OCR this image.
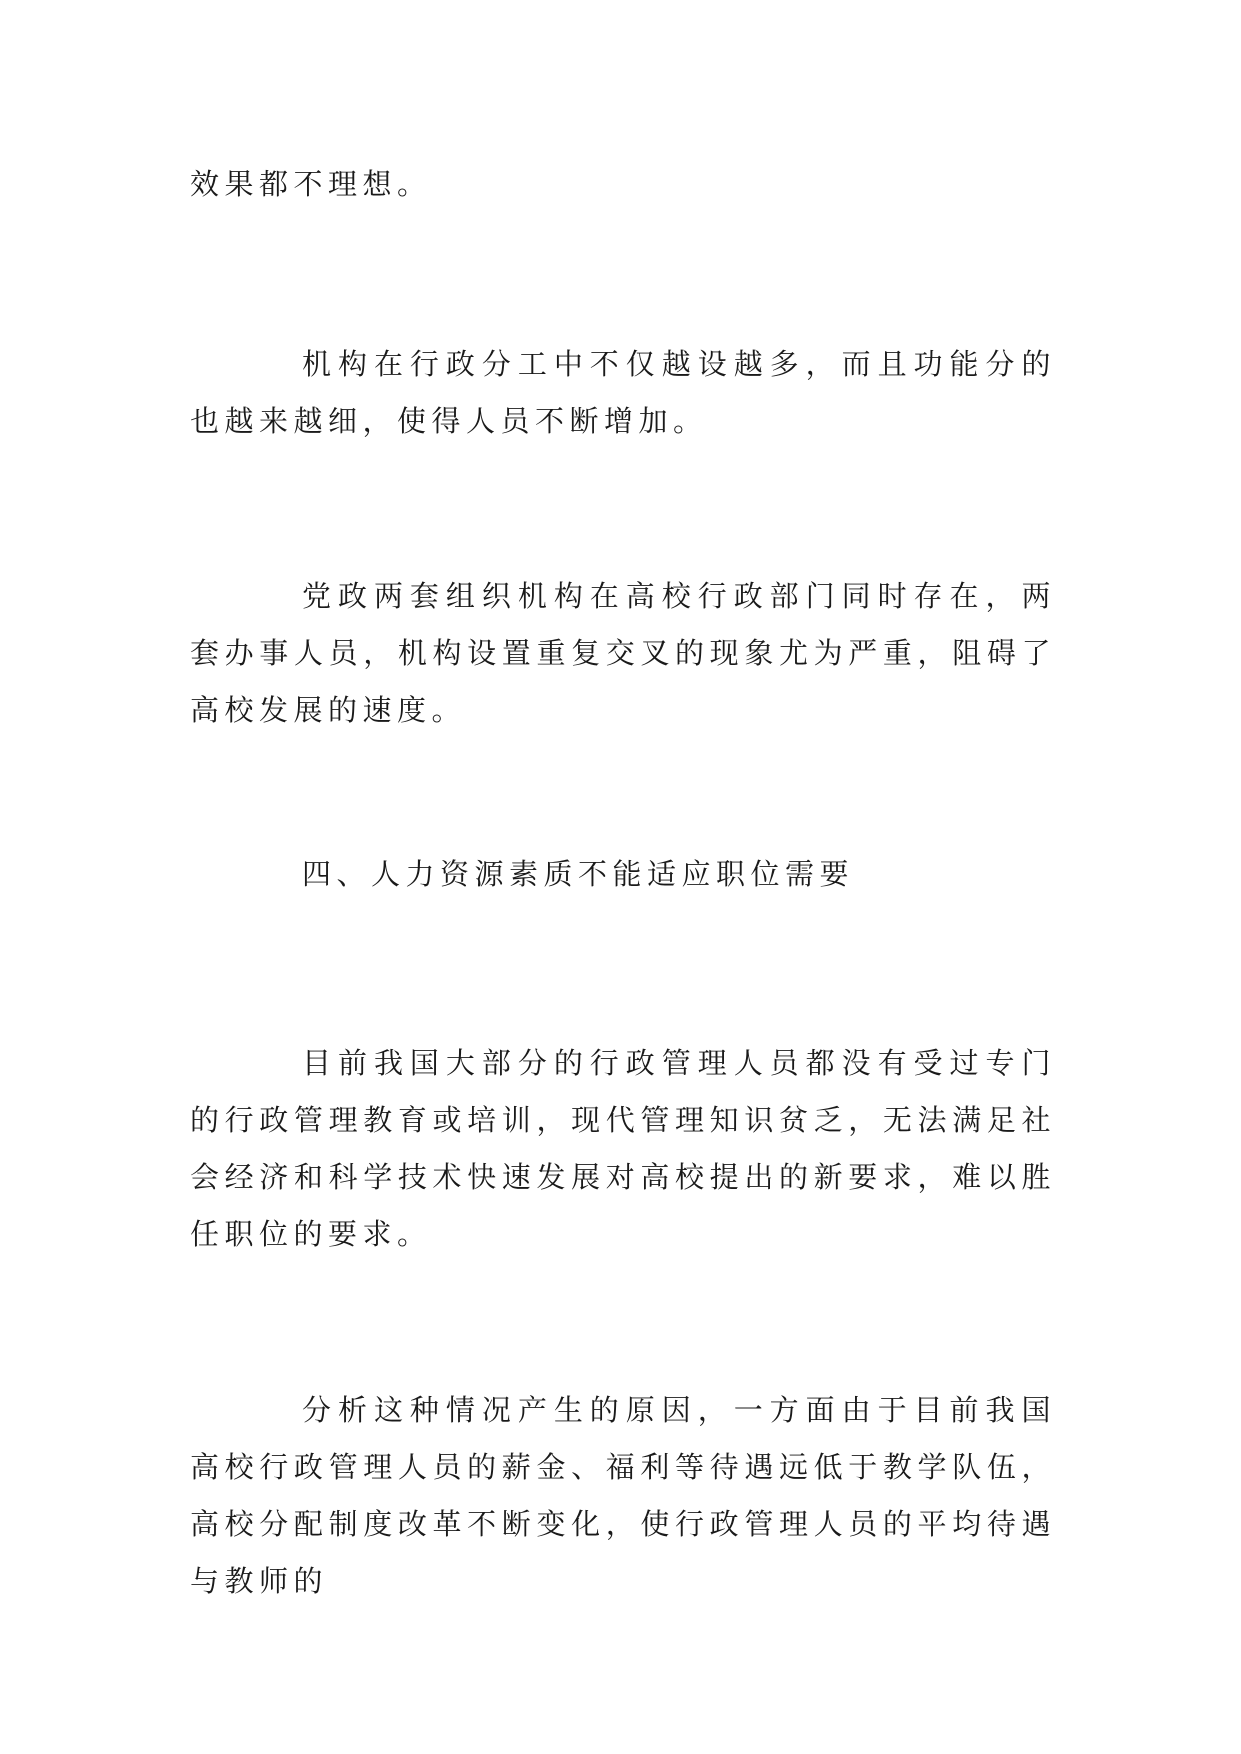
效果都不理想。

机构在行政分工中不仅越设越多，而且功能分的也越来越细，使得人员不断增加。

党政两套组织机构在高校行政部门同时存在，两套办事人员，机构设置重复交叉的现象尤为严重，阻碍了高校发展的速度。

四、人力资源素质不能适应职位需要

目前我国大部分的行政管理人员都没有受过专门的行政管理教育或培训，现代管理知识贫乏，无法满足社会经济和科学技术快速发展对高校提出的新要求，难以胜任职位的要求。

分析这种情况产生的原因，一方面由于目前我国高校行政管理人员的薪金、福利等待遇远低于教学队伍，高校分配制度改革不断变化，使行政管理人员的平均待遇与教师的
